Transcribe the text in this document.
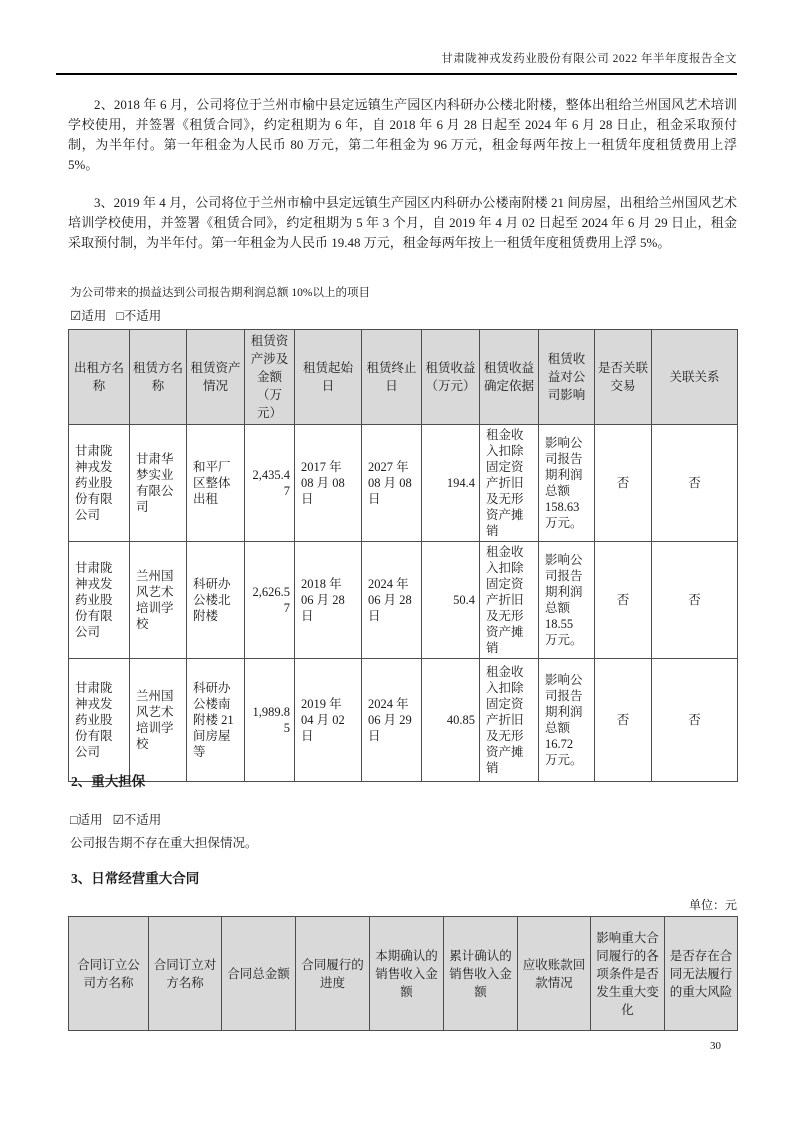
甘肃陇神戎发药业股份有限公司 2022 年半年度报告全文
2、2018 年 6 月，公司将位于兰州市榆中县定远镇生产园区内科研办公楼北附楼，整体出租给兰州国风艺术培训学校使用，并签署《租赁合同》，约定租期为 6 年，自 2018 年 6 月 28 日起至 2024 年 6 月 28 日止，租金采取预付制，为半年付。第一年租金为人民币 80 万元，第二年租金为 96 万元，租金每两年按上一租赁年度租赁费用上浮 5%。
3、2019 年 4 月，公司将位于兰州市榆中县定远镇生产园区内科研办公楼南附楼 21 间房屋，出租给兰州国风艺术培训学校使用，并签署《租赁合同》，约定租期为 5 年 3 个月，自 2019 年 4 月 02 日起至 2024 年 6 月 29 日止，租金采取预付制，为半年付。第一年租金为人民币 19.48 万元，租金每两年按上一租赁年度租赁费用上浮 5%。
为公司带来的损益达到公司报告期利润总额 10%以上的项目
☑适用 □不适用
出租方名称	租赁方名称	租赁资产情况	租赁资产涉及金额（万元）	租赁起始日	租赁终止日	租赁收益（万元）	租赁收益确定依据	租赁收益对公司影响	是否关联交易	关联关系
甘肃陇神戎发药业股份有限公司	甘肃华梦实业有限公司	和平厂区整体出租	2,435.47	2017 年 08 月 08 日	2027 年 08 月 08 日	194.4	租金收入扣除固定资产折旧及无形资产摊销	影响公司报告期利润总额 158.63 万元。	否	否
甘肃陇神戎发药业股份有限公司	兰州国风艺术培训学校	科研办公楼北附楼	2,626.57	2018 年 06 月 28 日	2024 年 06 月 28 日	50.4	租金收入扣除固定资产折旧及无形资产摊销	影响公司报告期利润总额 18.55 万元。	否	否
甘肃陇神戎发药业股份有限公司	兰州国风艺术培训学校	科研办公楼南附楼 21 间房屋等	1,989.85	2019 年 04 月 02 日	2024 年 06 月 29 日	40.85	租金收入扣除固定资产折旧及无形资产摊销	影响公司报告期利润总额 16.72 万元。	否	否
2、重大担保
□适用 ☑不适用
公司报告期不存在重大担保情况。
3、日常经营重大合同
单位：元
合同订立公司方名称	合同订立对方名称	合同总金额	合同履行的进度	本期确认的销售收入金额	累计确认的销售收入金额	应收账款回款情况	影响重大合同履行的各项条件是否发生重大变化	是否存在合同无法履行的重大风险
30
